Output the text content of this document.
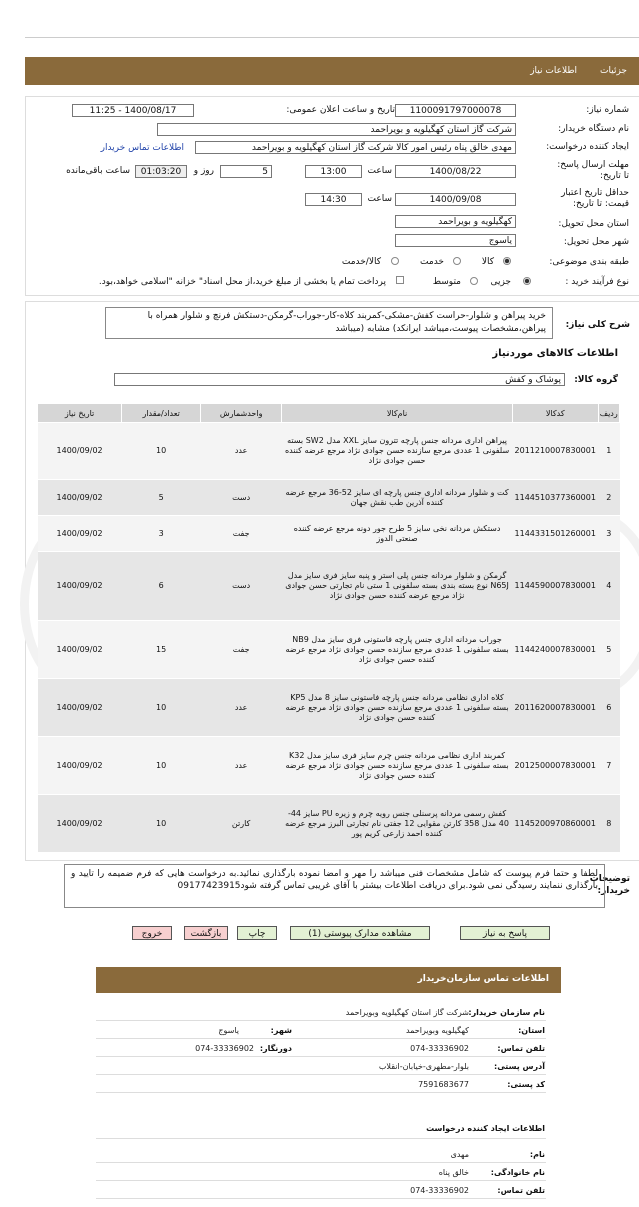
جزئیات
اطلاعات نیاز
شماره نیاز:
1100091797000078
تاریخ و ساعت اعلان عمومی:
1400/08/17 - 11:25
نام دستگاه خریدار:
شرکت گاز استان کهگیلویه و بویراحمد
ایجاد کننده درخواست:
مهدی خالق پناه رئیس امور کالا شرکت گاز استان کهگیلویه و بویراحمد
اطلاعات تماس خریدار
مهلت ارسال پاسخ: تا تاریخ:
1400/08/22
ساعت
13:00
5
روز و
01:03:20
ساعت باقی‌مانده
حداقل تاریخ اعتبار قیمت: تا تاریخ:
1400/09/08
ساعت
14:30
استان محل تحویل:
کهگیلویه و بویراحمد
شهر محل تحویل:
یاسوج
طبقه بندی موضوعی:
کالا
خدمت
کالا/خدمت
نوع فرآیند خرید :
جزیی
متوسط
پرداخت تمام یا بخشی از مبلغ خرید،از محل اسناد" خزانه "اسلامی خواهد،بود.
شرح کلی نیاز:
خرید پیراهن و شلوار-حراست کفش-مشکی-کمربند کلاه-کار-جوراب-گرمکن-دستکش فرنچ و شلوار همراه با پیراهن،مشخصات پیوست،میباشد ایرانکد) مشابه (میباشد
اطلاعات کالاهای موردنیاز
گروه کالا:
پوشاک و کفش
ردیف	کدکالا	نام‌کالا	واحدشمارش	تعداد/مقدار	تاریخ نیاز
1	2011210007830001	پیراهن اداری مردانه جنس پارچه تترون سایز XXL مدل SW2 بسته سلفونی 1 عددی مرجع سازنده حسن جوادی نژاد مرجع عرضه کننده حسن جوادی نژاد	عدد	10	1400/09/02
2	1144510377360001	کت و شلوار مردانه اداری جنس پارچه ای سایز 52-36 مرجع عرضه کننده آذرین طب نقش جهان	دست	5	1400/09/02
3	1144331501260001	دستکش مردانه نخی سایز 5 طرح جور دونه مرجع عرضه کننده صنعتی الدوز	جفت	3	1400/09/02
4	1144590007830001	گرمکن و شلوار مردانه جنس پلی استر و پنبه سایز فری سایز مدل N65J نوع بسته بندی بسته سلفونی 1 ستی نام تجارتی حسن جوادی نژاد مرجع عرضه کننده حسن جوادی نژاد	دست	6	1400/09/02
5	1144240007830001	جوراب مردانه اداری جنس پارچه فاستونی فری سایز مدل NB9 بسته سلفونی 1 عددی مرجع سازنده حسن جوادی نژاد مرجع عرضه کننده حسن جوادی نژاد	جفت	15	1400/09/02
6	2011620007830001	کلاه اداری نظامی مردانه جنس پارچه فاستونی سایز 8 مدل KP5 بسته سلفونی 1 عددی مرجع سازنده حسن جوادی نژاد مرجع عرضه کننده حسن جوادی نژاد	عدد	10	1400/09/02
7	2012500007830001	کمربند اداری نظامی مردانه جنس چرم سایز فری سایز مدل K32 بسته سلفونی 1 عددی مرجع سازنده حسن جوادی نژاد مرجع عرضه کننده حسن جوادی نژاد	عدد	10	1400/09/02
8	1145200970860001	کفش رسمی مردانه پرسنلی جنس رویه چرم و زیره PU سایز 44-40 مدل 358 کارتن مقوایی 12 جفتی نام تجارتی البرز مرجع عرضه کننده احمد زارعی کریم پور	کارتن	10	1400/09/02
توضیحات خریدار:
لطفا و حتما فرم پیوست که شامل مشخصات فنی میباشد را مهر و امضا نموده بارگذاری نمائید.به درخواست هایی که فرم ضمیمه را تایید و بارگذاری ننمایند رسیدگی نمی شود.برای دریافت اطلاعات بیشتر با آقای غریبی تماس گرفته شود09177423915
پاسخ به نیاز
مشاهده مدارک پیوستی (1)
چاپ
بازگشت
خروج
اطلاعات تماس سازمان‌خریدار
نام سازمان خریدار:
شرکت گاز استان کهگیلویه وبویراحمد
استان:
کهگیلویه وبویراحمد
شهر:
یاسوج
تلفن تماس:
074-33336902
دورنگار:
074-33336902
آدرس پستی:
بلوار-مطهری-خیابان-انقلاب
کد پستی:
7591683677
اطلاعات ایجاد کننده درخواست
نام:
مهدی
نام خانوادگی:
خالق پناه
تلفن تماس:
074-33336902
